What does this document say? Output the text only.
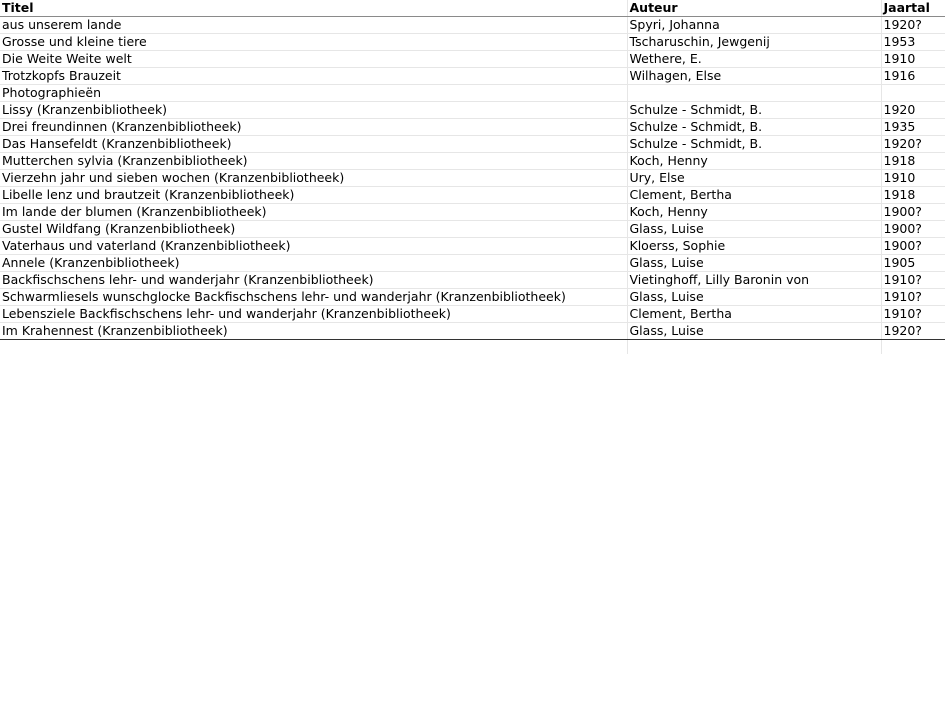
Titel	Auteur	Jaartal
aus unserem lande	Spyri, Johanna	1920?
Grosse und kleine tiere	Tscharuschin, Jewgenij	1953
Die Weite Weite welt	Wethere, E.	1910
Trotzkopfs Brauzeit	Wilhagen, Else	1916
Photographieën		
Lissy (Kranzenbibliotheek)	Schulze - Schmidt, B.	1920
Drei freundinnen (Kranzenbibliotheek)	Schulze - Schmidt, B.	1935
Das Hansefeldt (Kranzenbibliotheek)	Schulze - Schmidt, B.	1920?
Mutterchen sylvia (Kranzenbibliotheek)	Koch, Henny	1918
Vierzehn jahr und sieben wochen (Kranzenbibliotheek)	Ury, Else	1910
Libelle lenz und brautzeit (Kranzenbibliotheek)	Clement, Bertha	1918
Im lande der blumen (Kranzenbibliotheek)	Koch, Henny	1900?
Gustel Wildfang (Kranzenbibliotheek)	Glass, Luise	1900?
Vaterhaus und vaterland (Kranzenbibliotheek)	Kloerss, Sophie	1900?
Annele (Kranzenbibliotheek)	Glass, Luise	1905
Backfischschens lehr- und wanderjahr (Kranzenbibliotheek)	Vietinghoff, Lilly Baronin von	1910?
Schwarmliesels wunschglocke Backfischschens lehr- und wanderjahr (Kranzenbibliotheek)	Glass, Luise	1910?
Lebensziele Backfischschens lehr- und wanderjahr (Kranzenbibliotheek)	Clement, Bertha	1910?
Im Krahennest (Kranzenbibliotheek)	Glass, Luise	1920?
